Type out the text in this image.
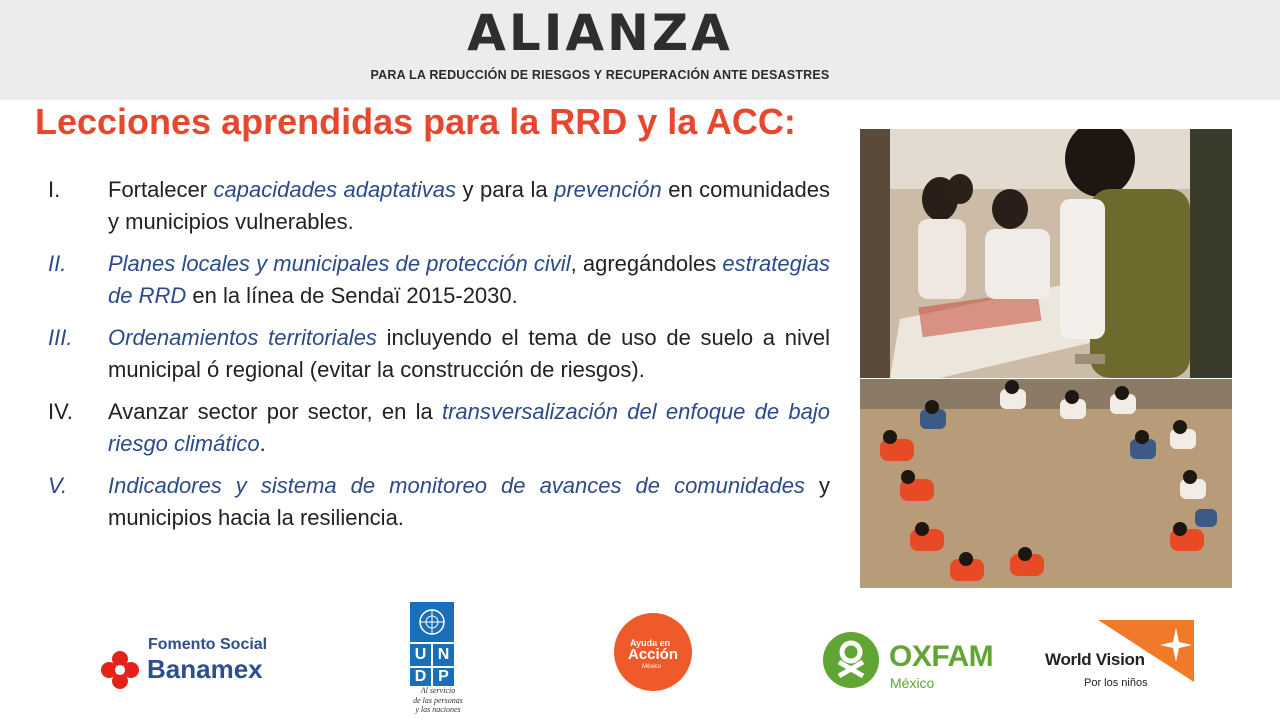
ALIANZA
PARA LA REDUCCIÓN DE RIESGOS Y RECUPERACIÓN ANTE DESASTRES
Lecciones aprendidas para la RRD y la ACC:
I. Fortalecer capacidades adaptativas y para la prevención en comunidades y municipios vulnerables.
II. Planes locales y municipales de protección civil, agregándoles estrategias de RRD en la línea de Sendaï 2015-2030.
III. Ordenamientos territoriales incluyendo el tema de uso de suelo a nivel municipal ó regional (evitar la construcción de riesgos).
IV. Avanzar sector por sector, en la transversalización del enfoque de bajo riesgo climático.
V. Indicadores y sistema de monitoreo de avances de comunidades y municipios hacia la resiliencia.
Fomento Social
Banamex	U N
D P
Al servicio
de las personas
y las naciones
Ayuda en
Acción
México	OXFAM
México
World Vision
Por los niños
